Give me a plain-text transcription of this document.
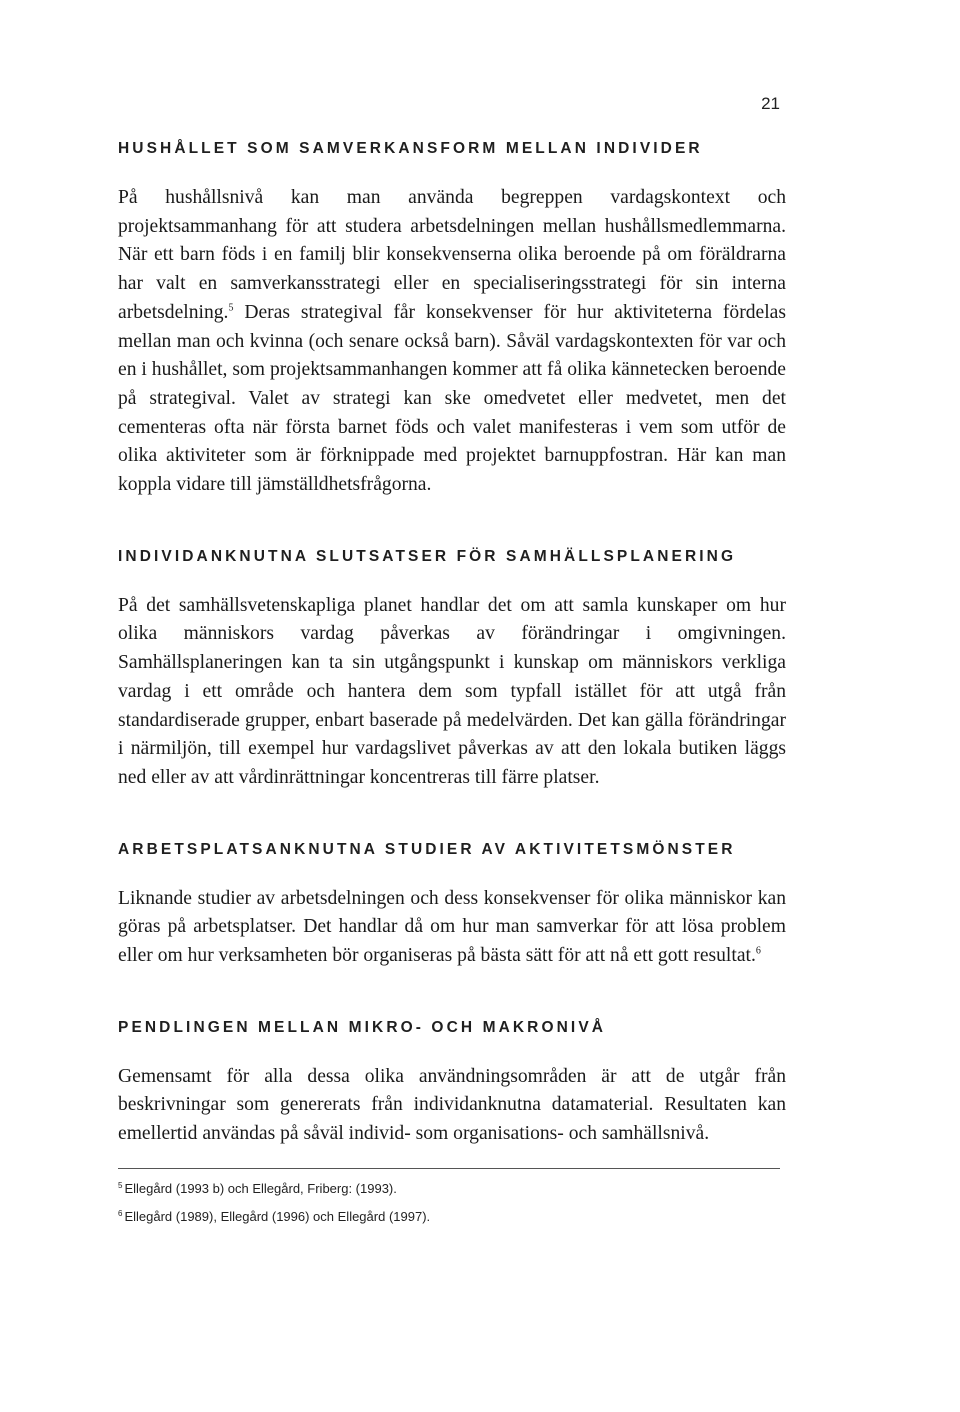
21
HUSHÅLLET SOM SAMVERKANSFORM MELLAN INDIVIDER

På hushållsnivå kan man använda begreppen vardagskontext och projektsammanhang för att studera arbetsdelningen mellan hushållsmedlemmarna. När ett barn föds i en familj blir konsekvenserna olika beroende på om föräldrarna har valt en samverkansstrategi eller en specialiseringsstrategi för sin interna arbetsdelning.$^5$ Deras strategival får konsekvenser för hur aktiviteterna fördelas mellan man och kvinna (och senare också barn). Såväl vardagskontexten för var och en i hushållet, som projektsammanhangen kommer att få olika kännetecken beroende på strategival. Valet av strategi kan ske omedvetet eller medvetet, men det cementeras ofta när första barnet föds och valet manifesteras i vem som utför de olika aktiviteter som är förknippade med projektet barnuppfostran. Här kan man koppla vidare till jämställdhetsfrågorna.

INDIVIDANKNUTNA SLUTSATSER FÖR SAMHÄLLSPLANERING

På det samhällsvetenskapliga planet handlar det om att samla kunskaper om hur olika människors vardag påverkas av förändringar i omgivningen. Samhällsplaneringen kan ta sin utgångspunkt i kunskap om människors verkliga vardag i ett område och hantera dem som typfall istället för att utgå från standardiserade grupper, enbart baserade på medelvärden. Det kan gälla förändringar i närmiljön, till exempel hur vardagslivet påverkas av att den lokala butiken läggs ned eller av att vårdinrättningar koncentreras till färre platser.

ARBETSPLATSANKNUTNA STUDIER AV AKTIVITETSMÖNSTER

Liknande studier av arbetsdelningen och dess konsekvenser för olika människor kan göras på arbetsplatser. Det handlar då om hur man samverkar för att lösa problem eller om hur verksamheten bör organiseras på bästa sätt för att nå ett gott resultat.$^6$

PENDLINGEN MELLAN MIKRO- OCH MAKRONIVÅ

Gemensamt för alla dessa olika användningsområden är att de utgår från beskrivningar som genererats från individanknutna datamaterial. Resultaten kan emellertid användas på såväl individ- som organisations- och samhällsnivå.

$^5$ Ellegård (1993 b) och Ellegård, Friberg: (1993).

$^6$ Ellegård (1989), Ellegård (1996) och Ellegård (1997).
